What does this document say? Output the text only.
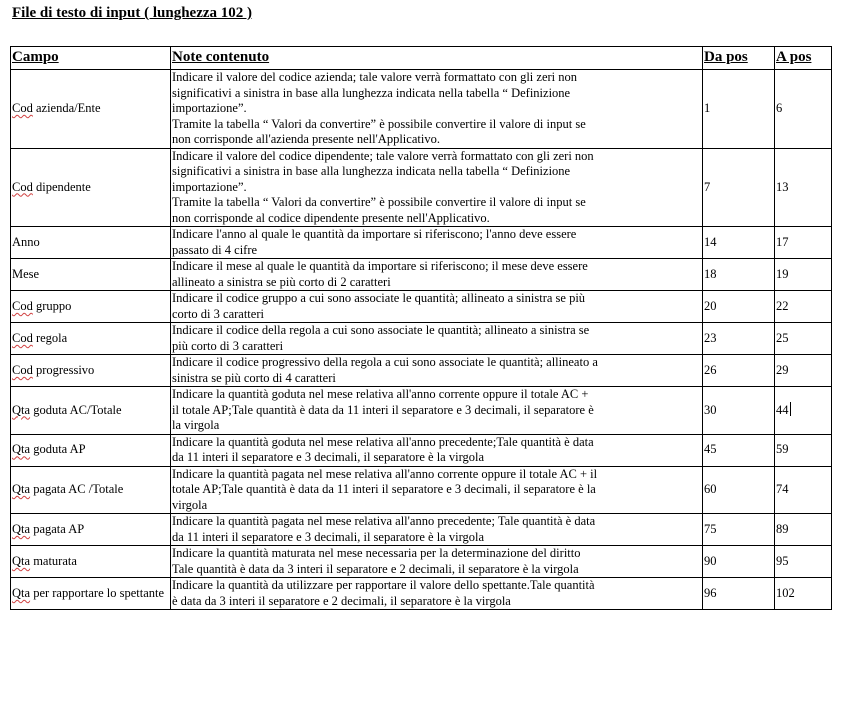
File di testo di input ( lunghezza 102 )
Campo	Note contenuto	Da pos	A pos
Cod azienda/Ente	Indicare il valore del codice azienda; tale valore verrà formattato con gli zeri non
significativi a sinistra in base alla lunghezza indicata nella tabella “ Definizione
importazione”.
Tramite la tabella “ Valori da convertire” è possibile convertire il valore di input se
non corrisponde all'azienda presente nell'Applicativo.	1	6
Cod dipendente	Indicare il valore del codice dipendente; tale valore verrà formattato con gli zeri non
significativi a sinistra in base alla lunghezza indicata nella tabella “ Definizione
importazione”.
Tramite la tabella “ Valori da convertire” è possibile convertire il valore di input se
non corrisponde al codice dipendente presente nell'Applicativo.	7	13
Anno	Indicare l'anno al quale le quantità da importare si riferiscono; l'anno deve essere
passato di 4 cifre	14	17
Mese	Indicare il mese al quale le quantità da importare si riferiscono; il mese deve essere
allineato a sinistra se più corto di 2 caratteri	18	19
Cod gruppo	Indicare il codice gruppo a cui sono associate le quantità; allineato a sinistra se più
corto di 3 caratteri	20	22
Cod regola	Indicare il codice della regola a cui sono associate le quantità; allineato a sinistra se
più corto di 3 caratteri	23	25
Cod progressivo	Indicare il codice progressivo della regola a cui sono associate le quantità; allineato a
sinistra se più corto di 4 caratteri	26	29
Qta goduta AC/Totale	Indicare la quantità goduta nel mese relativa all'anno corrente oppure il totale AC +
il totale AP;Tale quantità è data da 11 interi il separatore e 3 decimali, il separatore è
la virgola	30	44
Qta goduta AP	Indicare la quantità goduta nel mese relativa all'anno precedente;Tale quantità è data
da 11 interi il separatore e 3 decimali, il separatore è la virgola	45	59
Qta pagata AC /Totale	Indicare la quantità pagata nel mese relativa all'anno corrente oppure il totale AC + il
totale AP;Tale quantità è data da 11 interi il separatore e 3 decimali, il separatore è la
virgola	60	74
Qta pagata AP	Indicare la quantità pagata nel mese relativa all'anno precedente; Tale quantità è data
da 11 interi il separatore e 3 decimali, il separatore è la virgola	75	89
Qta maturata	Indicare la quantità maturata nel mese necessaria per la determinazione del diritto
Tale quantità è data da 3 interi il separatore e 2 decimali, il separatore è la virgola	90	95
Qta per rapportare lo spettante	Indicare la quantità da utilizzare per rapportare il valore dello spettante.Tale quantità
è data da 3 interi il separatore e 2 decimali, il separatore è la virgola	96	102
